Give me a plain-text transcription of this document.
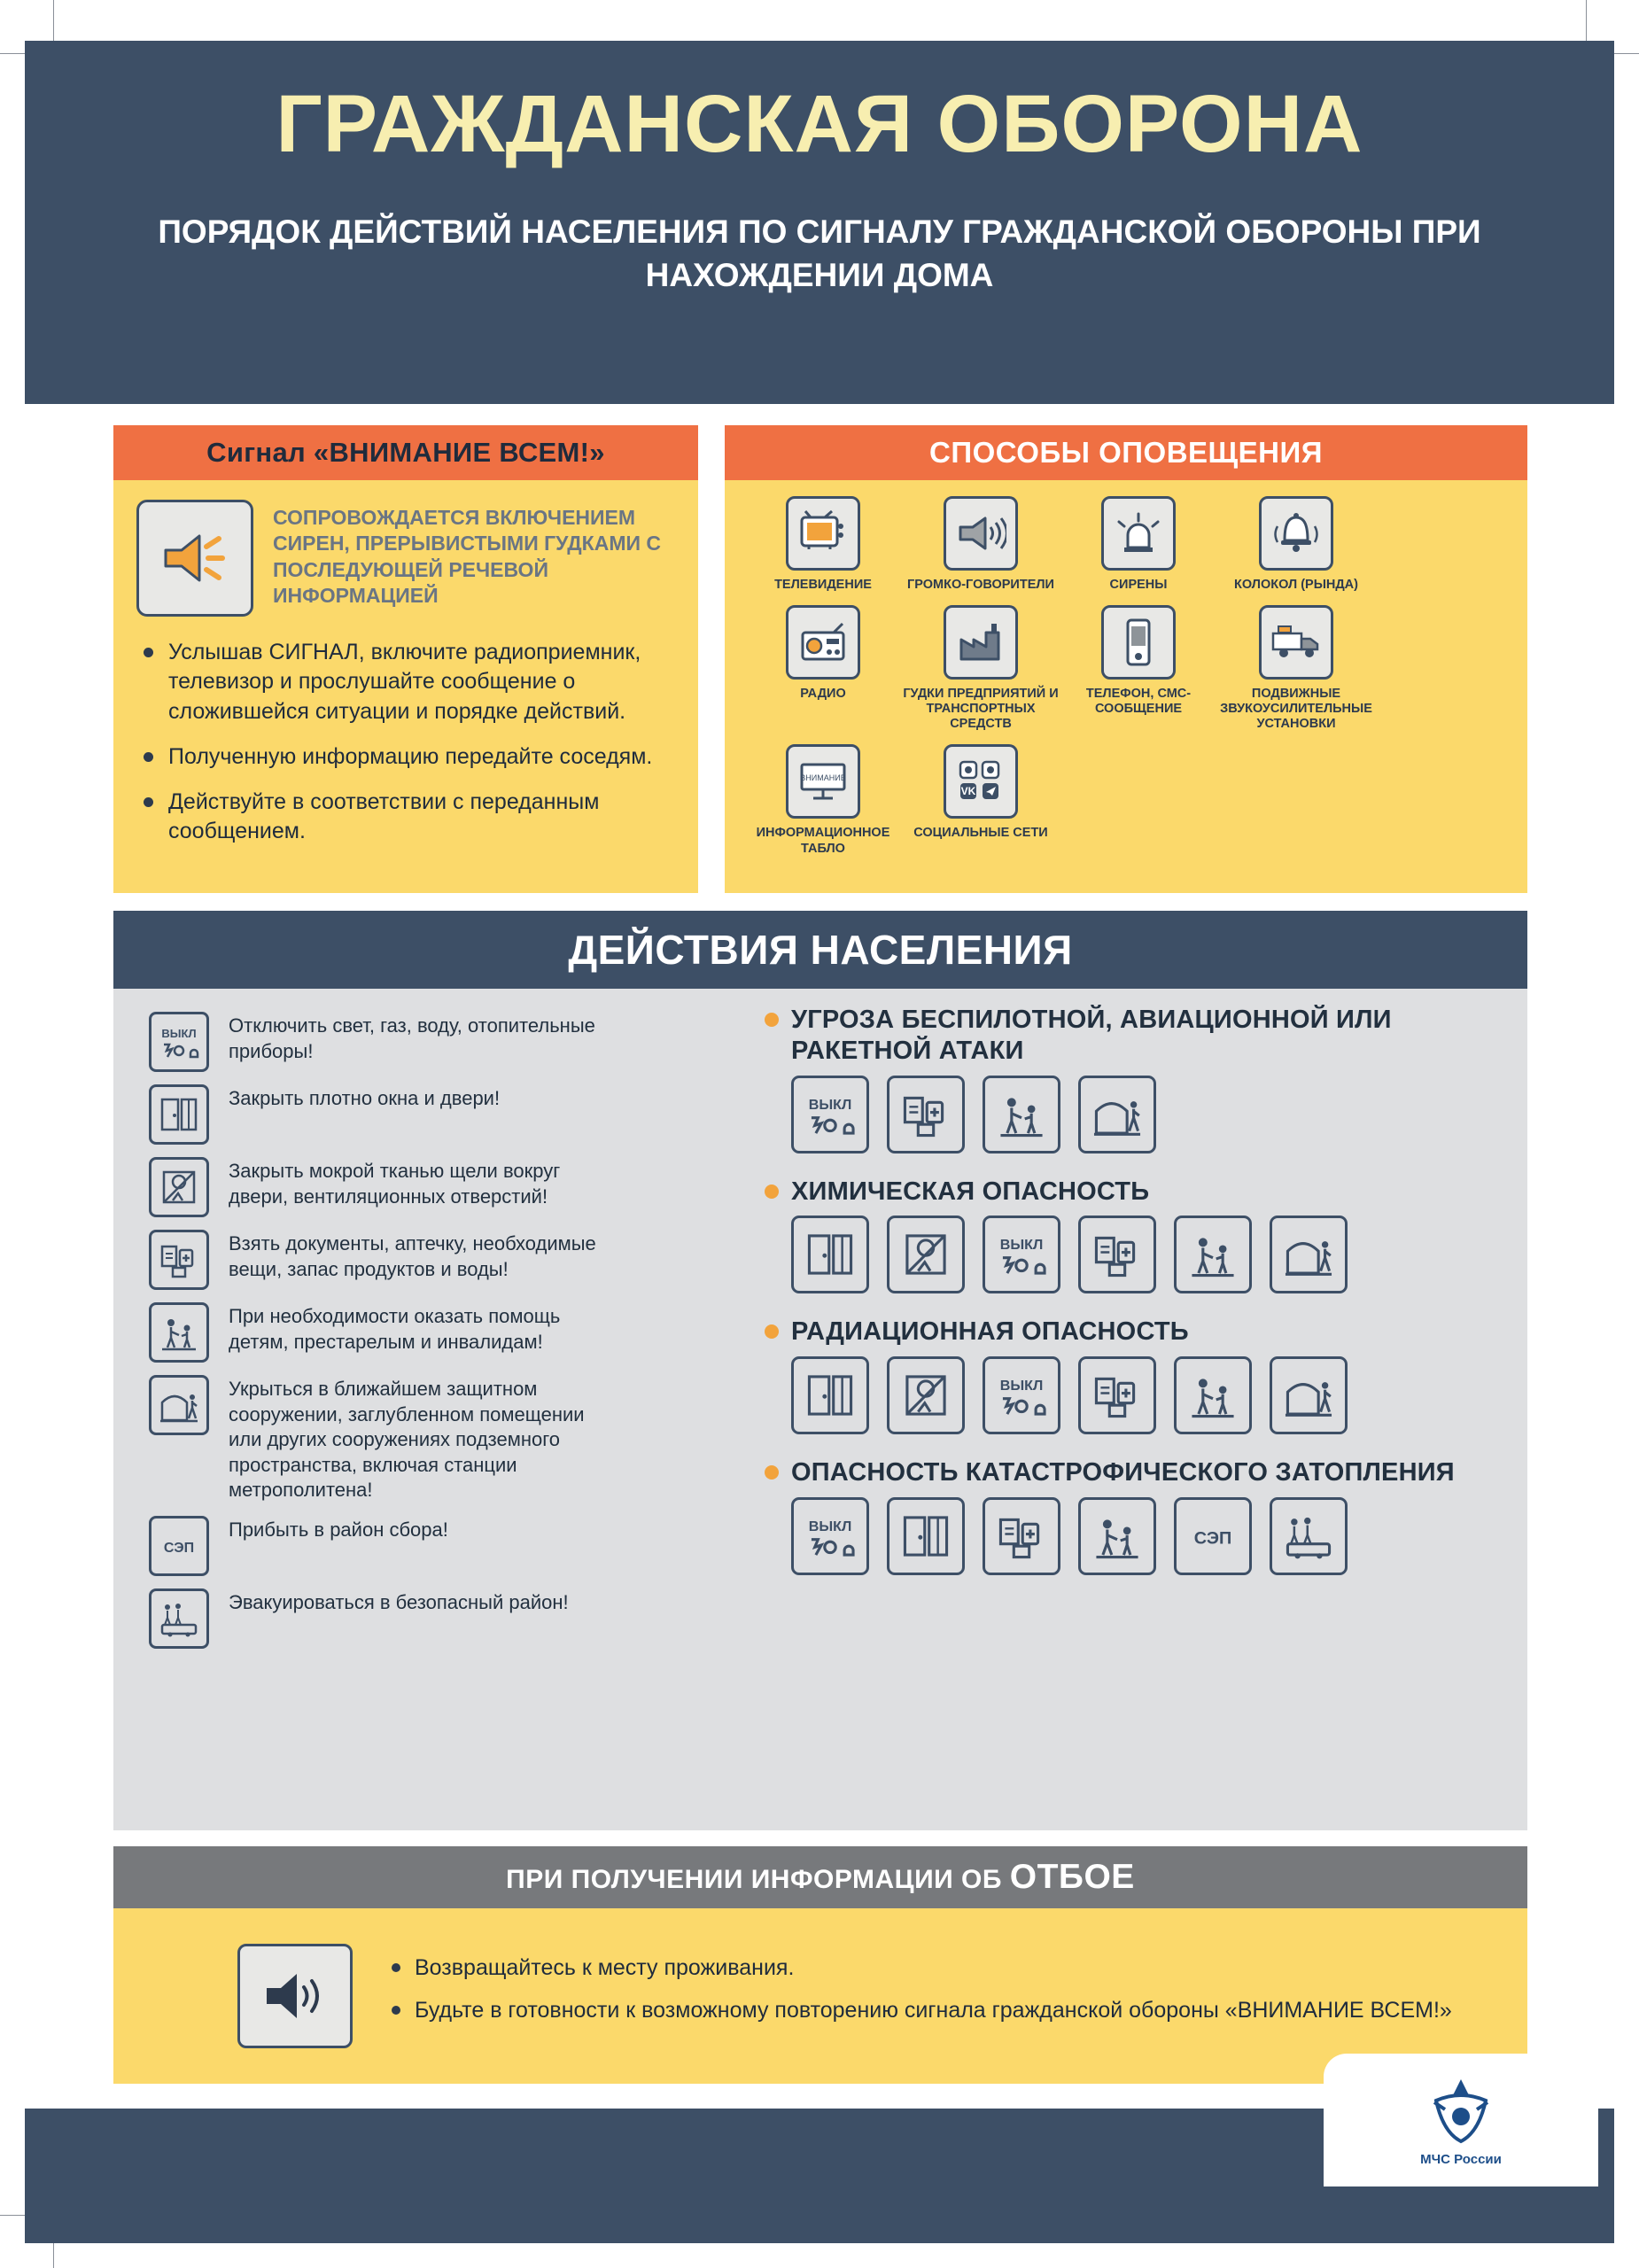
ГРАЖДАНСКАЯ ОБОРОНА
ПОРЯДОК ДЕЙСТВИЙ НАСЕЛЕНИЯ ПО СИГНАЛУ ГРАЖДАНСКОЙ ОБОРОНЫ ПРИ НАХОЖДЕНИИ ДОМА
Сигнал «ВНИМАНИЕ ВСЕМ!»
СОПРОВОЖДАЕТСЯ ВКЛЮЧЕНИЕМ СИРЕН, ПРЕРЫВИСТЫМИ ГУДКАМИ С ПОСЛЕДУЮЩЕЙ РЕЧЕВОЙ ИНФОРМАЦИЕЙ
Услышав СИГНАЛ, включите радиоприемник, телевизор и прослушайте сообщение о сложившейся ситуации и порядке действий.
Полученную информацию передайте соседям.
Действуйте в соответствии с переданным сообщением.
СПОСОБЫ ОПОВЕЩЕНИЯ
ТЕЛЕВИДЕНИЕ	ГРОМКО-ГОВОРИТЕЛИ	СИРЕНЫ	КОЛОКОЛ (РЫНДА)
РАДИО	ГУДКИ ПРЕДПРИЯТИЙ И ТРАНСПОРТНЫХ СРЕДСТВ
ТЕЛЕФОН, СМС-СООБЩЕНИЕ
ПОДВИЖНЫЕ ЗВУКОУСИЛИТЕЛЬНЫЕ УСТАНОВКИ
ВНИМАНИЕ
ИНФОРМАЦИОННОЕ ТАБЛО
VK
СОЦИАЛЬНЫЕ СЕТИ
ДЕЙСТВИЯ НАСЕЛЕНИЯ
ВЫКЛ Отключить свет, газ, воду, отопительные приборы!
Закрыть плотно окна и двери!
Закрыть мокрой тканью щели вокруг двери, вентиляционных отверстий!
Взять документы, аптечку, необходимые вещи, запас продуктов и воды!
При необходимости оказать помощь детям, престарелым и инвалидам!
Укрыться в ближайшем защитном сооружении, заглубленном помещении или других сооружениях подземного пространства, включая станции метрополитена!
СЭП
Прибыть в район сбора!
Эвакуироваться в безопасный район!
УГРОЗА БЕСПИЛОТНОЙ, АВИАЦИОННОЙ ИЛИ РАКЕТНОЙ АТАКИ
ВЫКЛ
ХИМИЧЕСКАЯ ОПАСНОСТЬ
ВЫКЛ
РАДИАЦИОННАЯ ОПАСНОСТЬ
ВЫКЛ
ОПАСНОСТЬ КАТАСТРОФИЧЕСКОГО ЗАТОПЛЕНИЯ
ВЫКЛ
СЭП
ПРИ ПОЛУЧЕНИИ ИНФОРМАЦИИ ОБ ОТБОЕ
Возвращайтесь к месту проживания.
Будьте в готовности к возможному повторению сигнала гражданской обороны «ВНИМАНИЕ ВСЕМ!»
МЧС России
